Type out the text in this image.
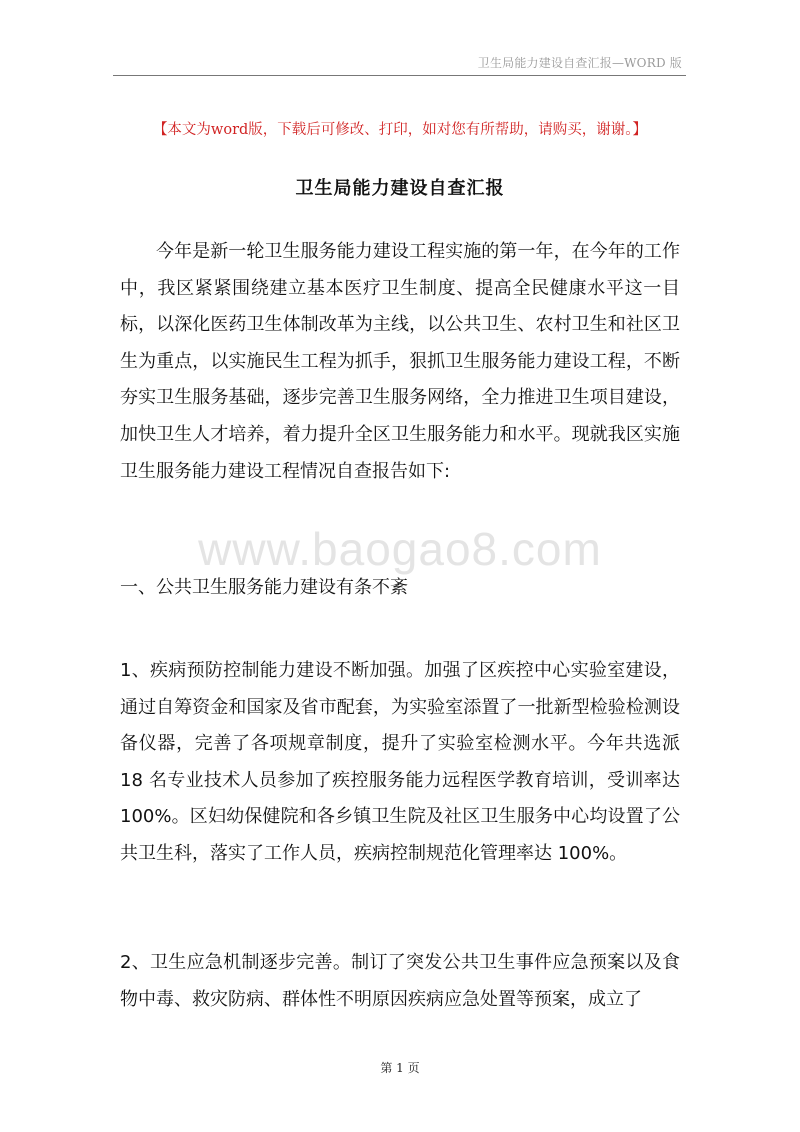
卫生局能力建设自查汇报—WORD 版
【本文为word版，下载后可修改、打印，如对您有所帮助，请购买，谢谢。】
卫生局能力建设自查汇报
www.baogao8.com

今年是新一轮卫生服务能力建设工程实施的第一年，在今年的工作中，我区紧紧围绕建立基本医疗卫生制度、提高全民健康水平这一目标，以深化医药卫生体制改革为主线，以公共卫生、农村卫生和社区卫生为重点，以实施民生工程为抓手，狠抓卫生服务能力建设工程，不断夯实卫生服务基础，逐步完善卫生服务网络，全力推进卫生项目建设，加快卫生人才培养，着力提升全区卫生服务能力和水平。现就我区实施卫生服务能力建设工程情况自查报告如下:

一、公共卫生服务能力建设有条不紊

1、疾病预防控制能力建设不断加强。加强了区疾控中心实验室建设，通过自筹资金和国家及省市配套，为实验室添置了一批新型检验检测设备仪器，完善了各项规章制度，提升了实验室检测水平。今年共选派 18 名专业技术人员参加了疾控服务能力远程医学教育培训，受训率达 100%。区妇幼保健院和各乡镇卫生院及社区卫生服务中心均设置了公共卫生科，落实了工作人员，疾病控制规范化管理率达 100%。

2、卫生应急机制逐步完善。制订了突发公共卫生事件应急预案以及食物中毒、救灾防病、群体性不明原因疾病应急处置等预案，成立了

第 1 页
